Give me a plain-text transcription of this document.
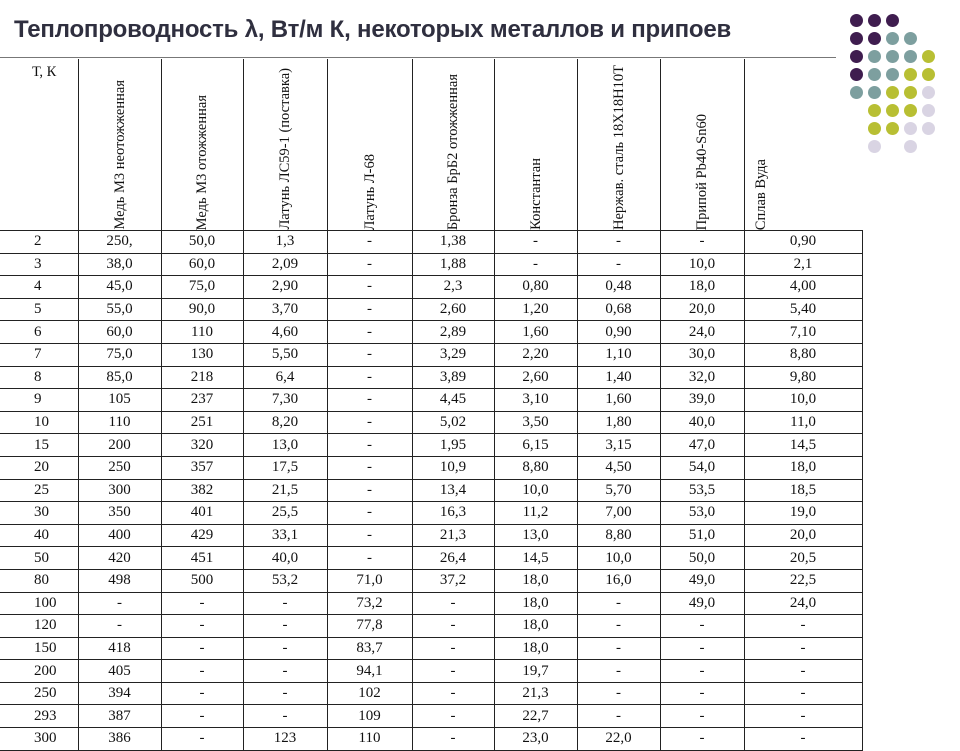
Теплопроводность λ, Вт/м К, некоторых металлов и припоев
Т, К	Медь М3 неотожженная	Медь М3 отожженная	Латунь ЛС59-1 (поставка)	Латунь Л-68	Бронза БрБ2 отожженная	Константан	Нержав. сталь 18Х18Н10Т	Припой Pb40-Sn60	Сплав Вуда

2	250,	50,0	1,3	-	1,38	-	-	-	0,90
3	38,0	60,0	2,09	-	1,88	-	-	10,0	2,1
4	45,0	75,0	2,90	-	2,3	0,80	0,48	18,0	4,00
5	55,0	90,0	3,70	-	2,60	1,20	0,68	20,0	5,40
6	60,0	110	4,60	-	2,89	1,60	0,90	24,0	7,10
7	75,0	130	5,50	-	3,29	2,20	1,10	30,0	8,80
8	85,0	218	6,4	-	3,89	2,60	1,40	32,0	9,80
9	105	237	7,30	-	4,45	3,10	1,60	39,0	10,0
10	110	251	8,20	-	5,02	3,50	1,80	40,0	11,0
15	200	320	13,0	-	1,95	6,15	3,15	47,0	14,5
20	250	357	17,5	-	10,9	8,80	4,50	54,0	18,0
25	300	382	21,5	-	13,4	10,0	5,70	53,5	18,5
30	350	401	25,5	-	16,3	11,2	7,00	53,0	19,0
40	400	429	33,1	-	21,3	13,0	8,80	51,0	20,0
50	420	451	40,0	-	26,4	14,5	10,0	50,0	20,5
80	498	500	53,2	71,0	37,2	18,0	16,0	49,0	22,5
100	-	-	-	73,2	-	18,0	-	49,0	24,0
120	-	-	-	77,8	-	18,0	-	-	-
150	418	-	-	83,7	-	18,0	-	-	-
200	405	-	-	94,1	-	19,7	-	-	-
250	394	-	-	102	-	21,3	-	-	-
293	387	-	-	109	-	22,7	-	-	-
300	386	-	123	110	-	23,0	22,0	-	-
